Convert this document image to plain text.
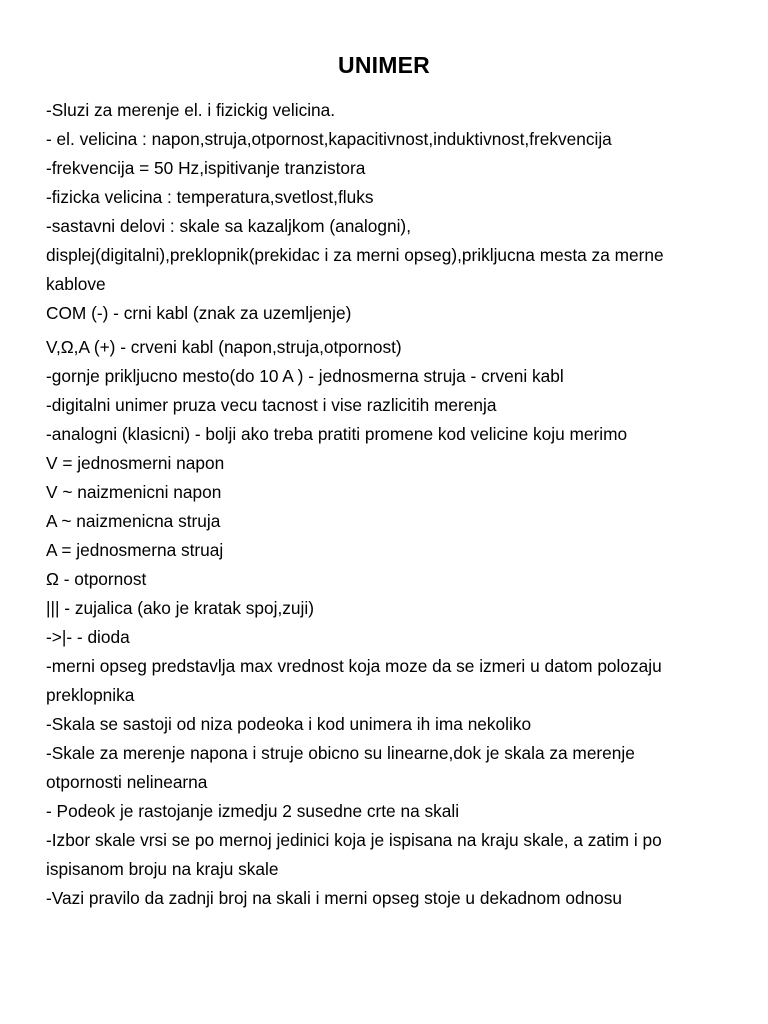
UNIMER
-Sluzi za merenje el. i fizickig velicina.
- el. velicina : napon,struja,otpornost,kapacitivnost,induktivnost,frekvencija
-frekvencija = 50 Hz,ispitivanje tranzistora
-fizicka velicina : temperatura,svetlost,fluks
-sastavni delovi : skale sa kazaljkom (analogni),
displej(digitalni),preklopnik(prekidac i za merni opseg),prikljucna mesta za merne
kablove
COM (-) - crni kabl (znak za uzemljenje)
V,Ω,A (+) - crveni kabl (napon,struja,otpornost)
-gornje prikljucno mesto(do 10 A ) - jednosmerna struja - crveni kabl
-digitalni unimer pruza vecu tacnost i vise razlicitih merenja
-analogni (klasicni) - bolji ako treba pratiti promene kod velicine koju merimo
V = jednosmerni napon
V ~ naizmenicni napon
A ~ naizmenicna struja
A = jednosmerna struaj
Ω - otpornost
||| - zujalica (ako je kratak spoj,zuji)
->|- - dioda
-merni opseg predstavlja max vrednost koja moze da se izmeri u datom polozaju
preklopnika
-Skala se sastoji od niza podeoka i kod unimera ih ima nekoliko
-Skale za merenje napona i struje obicno su linearne,dok je skala za merenje
otpornosti nelinearna
- Podeok je rastojanje izmedju 2 susedne crte na skali
-Izbor skale vrsi se po mernoj jedinici koja je ispisana na kraju skale, a zatim i po
ispisanom broju na kraju skale
-Vazi pravilo da zadnji broj na skali i merni opseg stoje u dekadnom odnosu
